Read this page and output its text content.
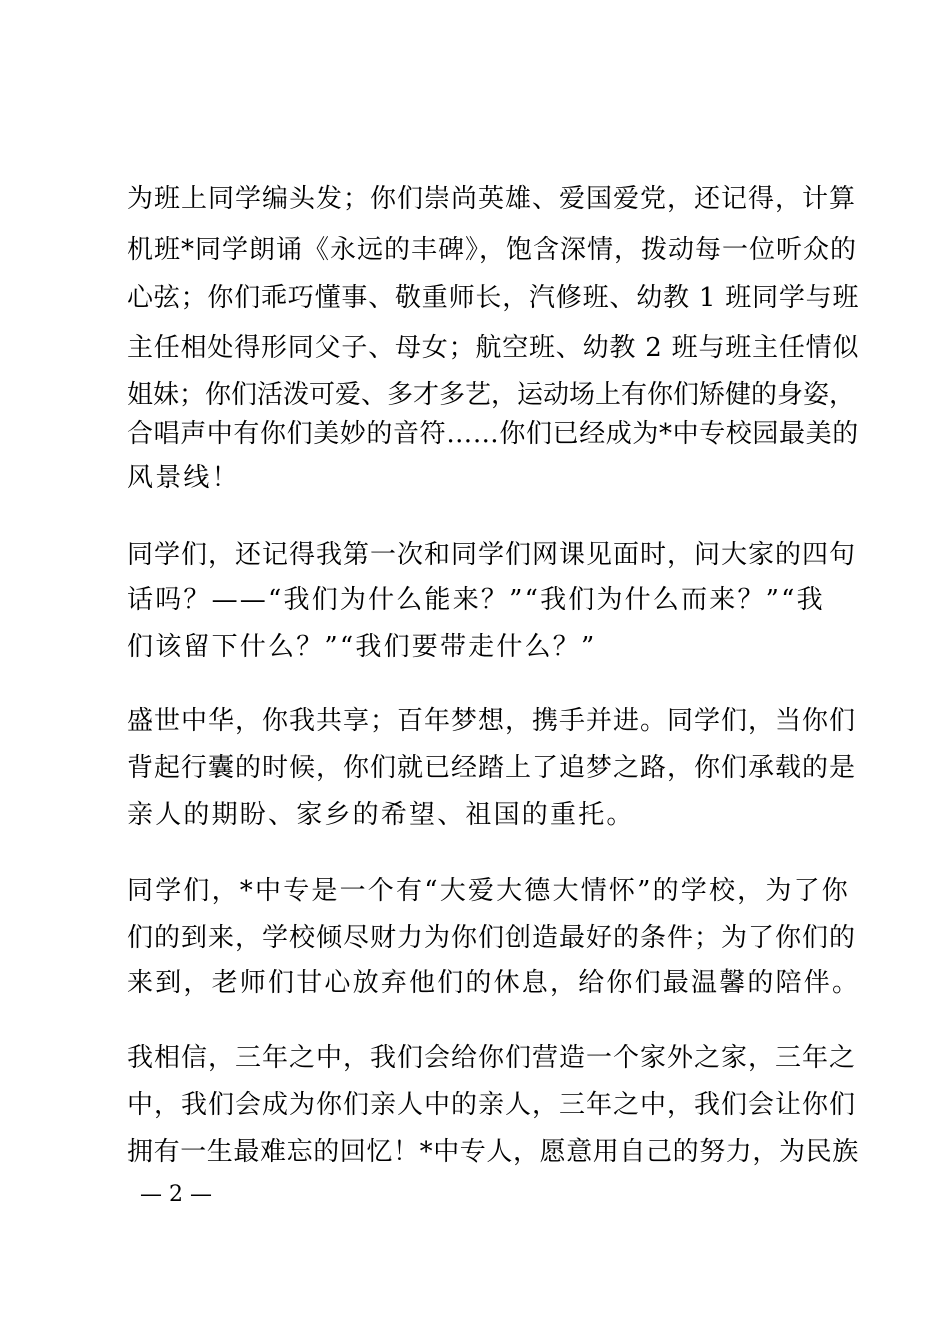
为班上同学编头发；你们崇尚英雄、爱国爱党，还记得，计算
机班*同学朗诵《永远的丰碑》，饱含深情，拨动每一位听众的
心弦；你们乖巧懂事、敬重师长，汽修班、幼教 1 班同学与班
主任相处得形同父子、母女；航空班、幼教 2 班与班主任情似
姐妹；你们活泼可爱、多才多艺，运动场上有你们矫健的身姿，
合唱声中有你们美妙的音符……你们已经成为*中专校园最美的
风景线！
同学们，还记得我第一次和同学们网课见面时，问大家的四句
话吗？——“我们为什么能来？”“我们为什么而来？”“我
们该留下什么？”“我们要带走什么？”
盛世中华，你我共享；百年梦想，携手并进。同学们，当你们
背起行囊的时候，你们就已经踏上了追梦之路，你们承载的是
亲人的期盼、家乡的希望、祖国的重托。
同学们，*中专是一个有“大爱大德大情怀”的学校，为了你
们的到来，学校倾尽财力为你们创造最好的条件；为了你们的
来到，老师们甘心放弃他们的休息，给你们最温馨的陪伴。
我相信，三年之中，我们会给你们营造一个家外之家，三年之
中，我们会成为你们亲人中的亲人，三年之中，我们会让你们
拥有一生最难忘的回忆！*中专人，愿意用自己的努力，为民族
— 2 —
